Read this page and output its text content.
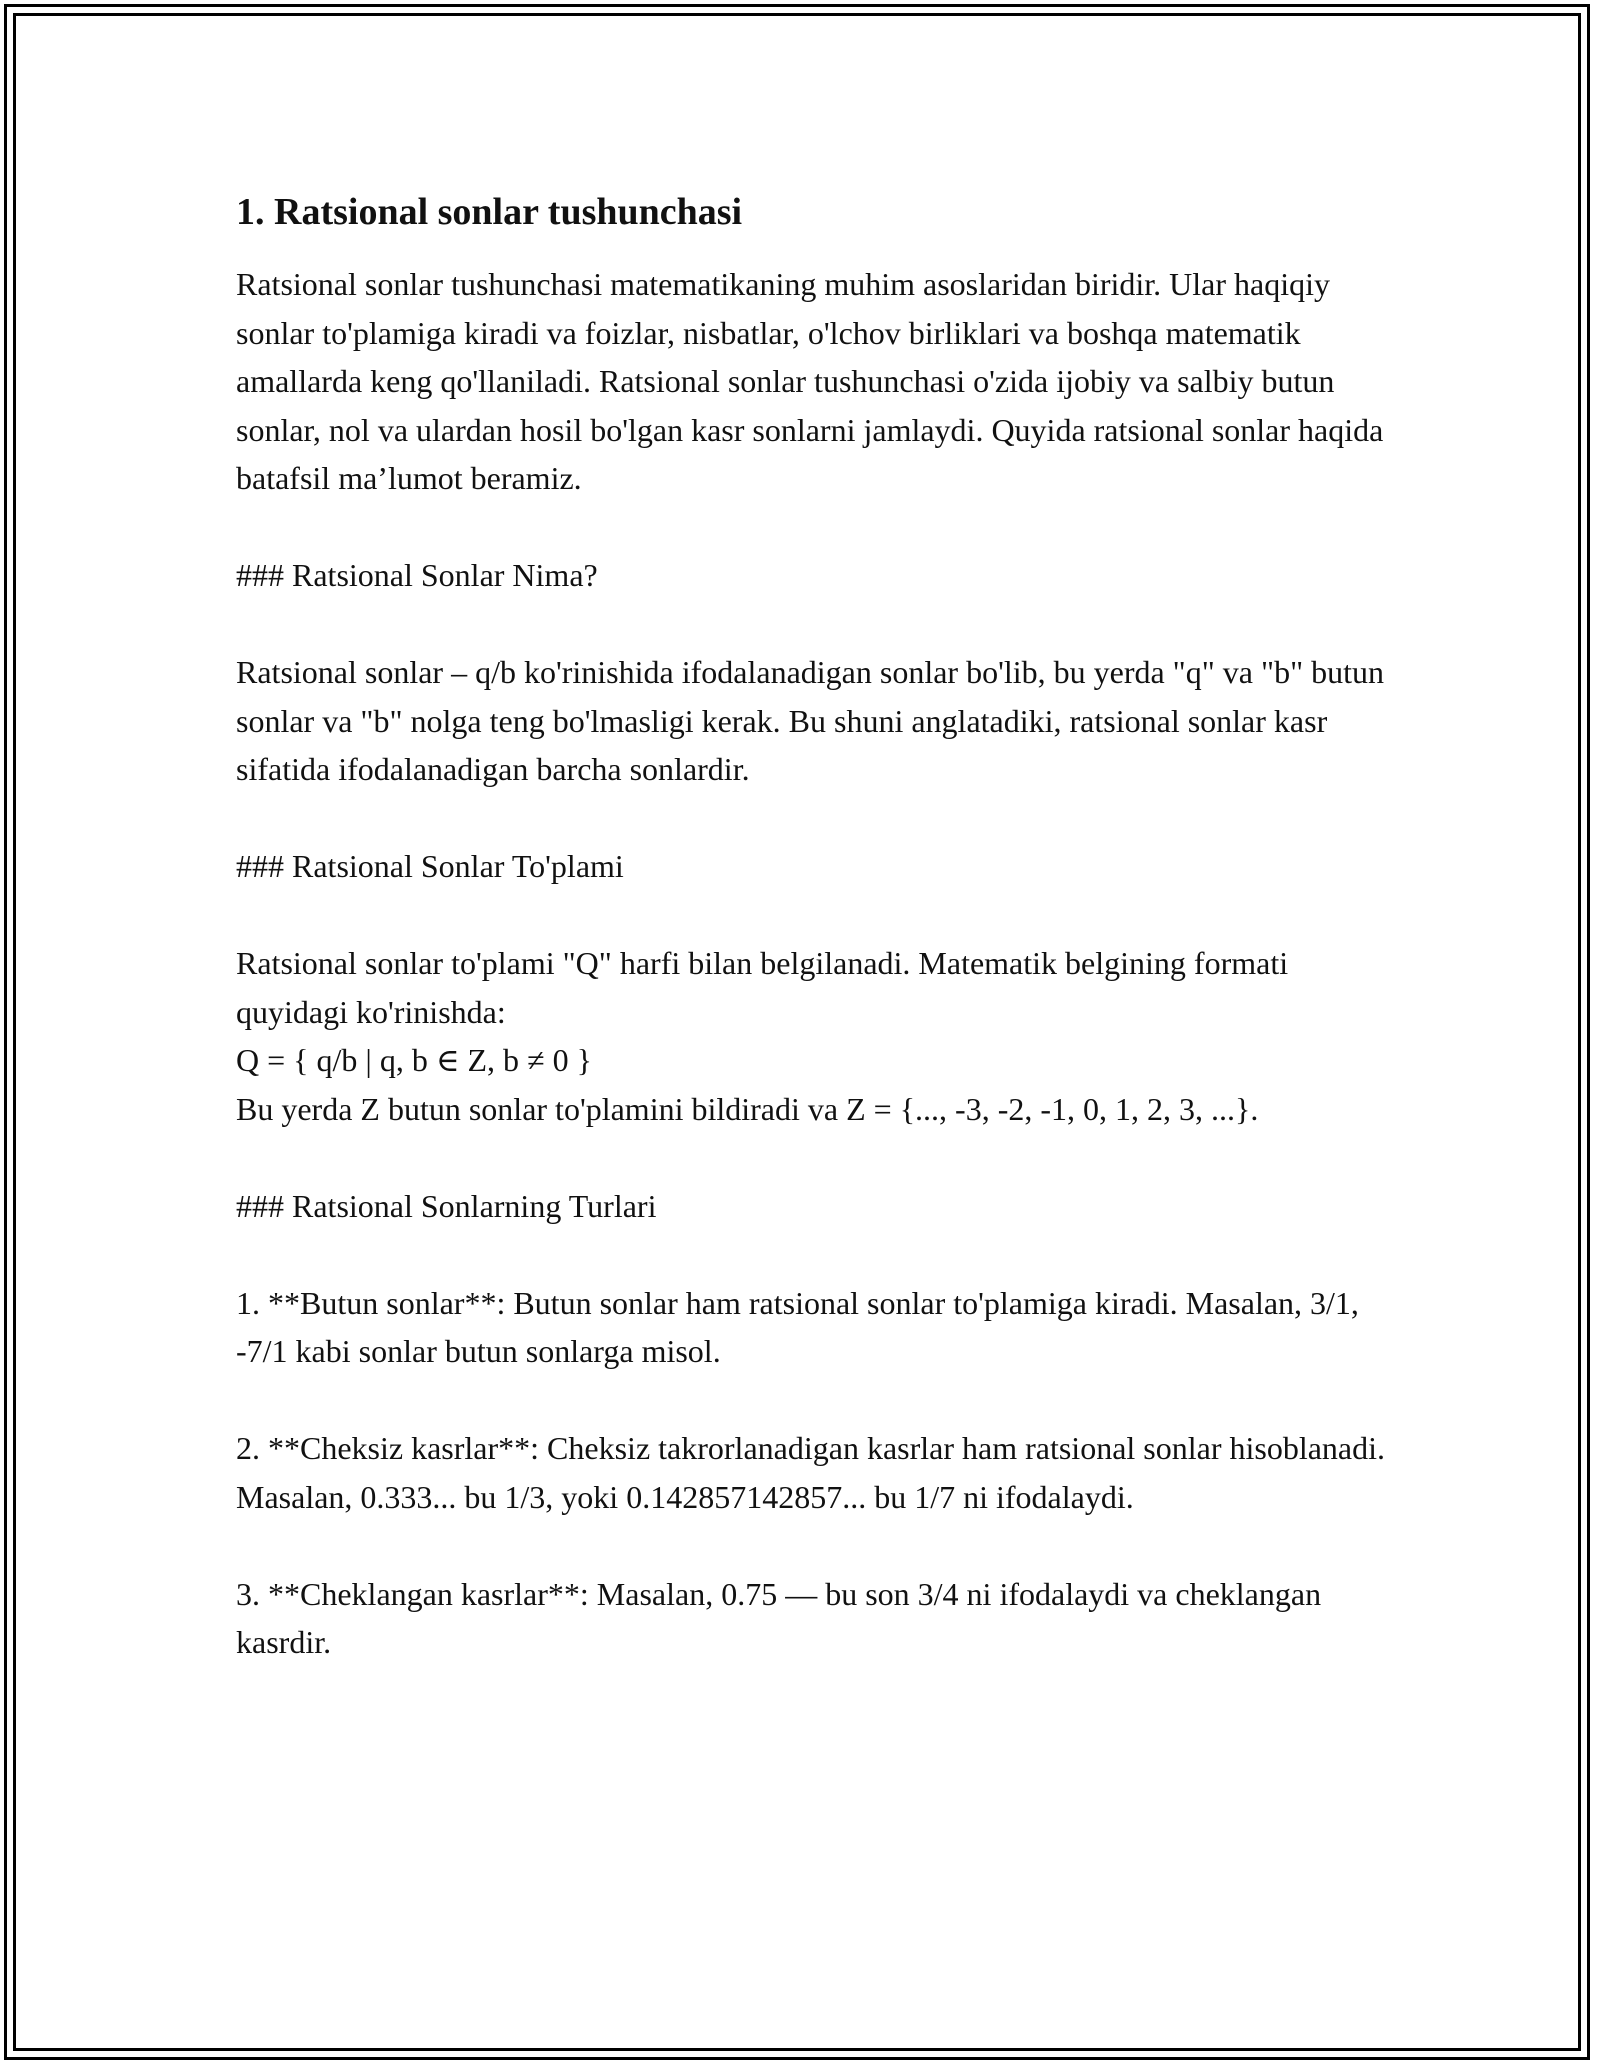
1. Ratsional sonlar tushunchasi

Ratsional sonlar tushunchasi matematikaning muhim asoslaridan biridir. Ular haqiqiy sonlar to'plamiga kiradi va foizlar, nisbatlar, o'lchov birliklari va boshqa matematik amallarda keng qo'llaniladi. Ratsional sonlar tushunchasi o'zida ijobiy va salbiy butun sonlar, nol va ulardan hosil bo'lgan kasr sonlarni jamlaydi. Quyida ratsional sonlar haqida batafsil ma’lumot beramiz.

### Ratsional Sonlar Nima?

Ratsional sonlar – q/b ko'rinishida ifodalanadigan sonlar bo'lib, bu yerda "q" va "b" butun sonlar va "b" nolga teng bo'lmasligi kerak. Bu shuni anglatadiki, ratsional sonlar kasr sifatida ifodalanadigan barcha sonlardir.

### Ratsional Sonlar To'plami

Ratsional sonlar to'plami "Q" harfi bilan belgilanadi. Matematik belgining formati quyidagi ko'rinishda:

Q = { q/b | q, b ∈ Z, b ≠ 0 }

Bu yerda Z butun sonlar to'plamini bildiradi va Z = {..., -3, -2, -1, 0, 1, 2, 3, ...}.

### Ratsional Sonlarning Turlari

1. **Butun sonlar**: Butun sonlar ham ratsional sonlar to'plamiga kiradi. Masalan, 3/1, -7/1 kabi sonlar butun sonlarga misol.

2. **Cheksiz kasrlar**: Cheksiz takrorlanadigan kasrlar ham ratsional sonlar hisoblanadi. Masalan, 0.333... bu 1/3, yoki 0.142857142857... bu 1/7 ni ifodalaydi.

3. **Cheklangan kasrlar**: Masalan, 0.75 — bu son 3/4 ni ifodalaydi va cheklangan kasrdir.
